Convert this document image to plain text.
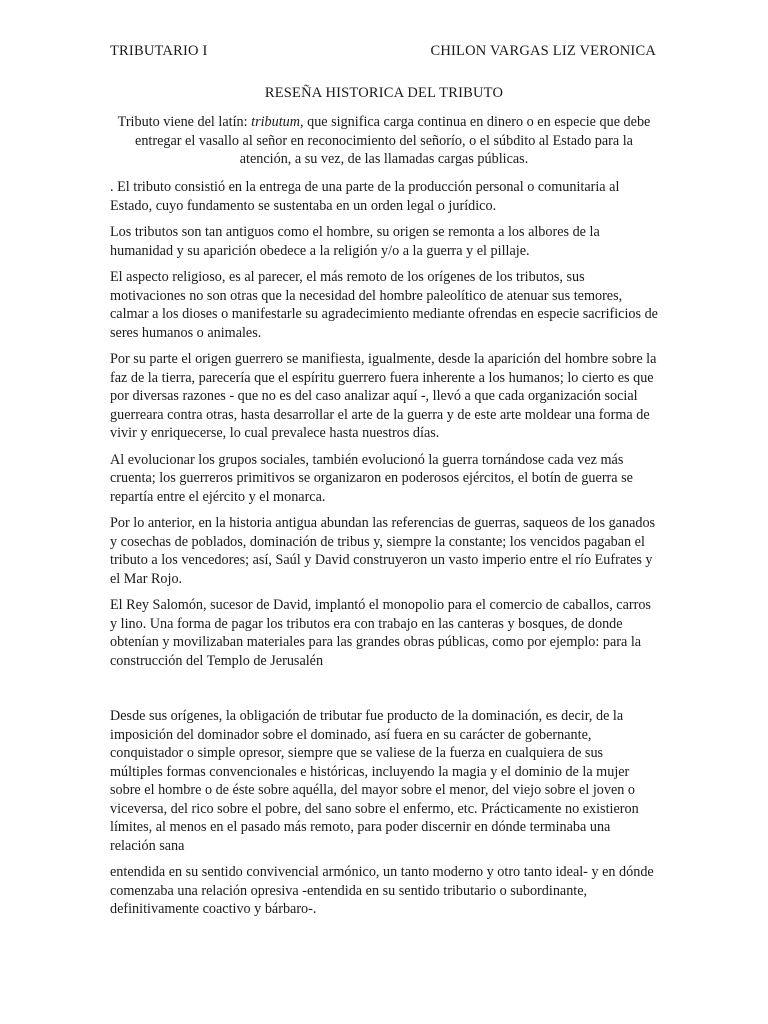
TRIBUTARIO I	CHILON VARGAS LIZ VERONICA
RESEÑA HISTORICA DEL TRIBUTO

Tributo viene del latín: tributum, que significa carga continua en dinero o en especie que debe entregar el vasallo al señor en reconocimiento del señorío, o el súbdito al Estado para la atención, a su vez, de las llamadas cargas públicas.

. El tributo consistió en la entrega de una parte de la producción personal o comunitaria al Estado, cuyo fundamento se sustentaba en un orden legal o jurídico.

Los tributos son tan antiguos como el hombre, su origen se remonta a los albores de la humanidad y su aparición obedece a la religión y/o a la guerra y el pillaje.

El aspecto religioso, es al parecer, el más remoto de los orígenes de los tributos, sus motivaciones no son otras que la necesidad del hombre paleolítico de atenuar sus temores, calmar a los dioses o manifestarle su agradecimiento mediante ofrendas en especie sacrificios de seres humanos o animales.

Por su parte el origen guerrero se manifiesta, igualmente, desde la aparición del hombre sobre la faz de la tierra, parecería que el espíritu guerrero fuera inherente a los humanos; lo cierto es que por diversas razones - que no es del caso analizar aquí -, llevó a que cada organización social guerreara contra otras, hasta desarrollar el arte de la guerra y de este arte moldear una forma de vivir y enriquecerse, lo cual prevalece hasta nuestros días.

Al evolucionar los grupos sociales, también evolucionó la guerra tornándose cada vez más cruenta; los guerreros primitivos se organizaron en poderosos ejércitos, el botín de guerra se repartía entre el ejército y el monarca.

Por lo anterior, en la historia antigua abundan las referencias de guerras, saqueos de los ganados y cosechas de poblados, dominación de tribus y, siempre la constante; los vencidos pagaban el tributo a los vencedores; así, Saúl y David construyeron un vasto imperio entre el río Eufrates y el Mar Rojo.

El Rey Salomón, sucesor de David, implantó el monopolio para el comercio de caballos, carros y lino. Una forma de pagar los tributos era con trabajo en las canteras y bosques, de donde obtenían y movilizaban materiales para las grandes obras públicas, como por ejemplo: para la construcción del Templo de Jerusalén

Desde sus orígenes, la obligación de tributar fue producto de la dominación, es decir, de la imposición del dominador sobre el dominado, así fuera en su carácter de gobernante, conquistador o simple opresor, siempre que se valiese de la fuerza en cualquiera de sus múltiples formas convencionales e históricas, incluyendo la magia y el dominio de la mujer sobre el hombre o de éste sobre aquélla, del mayor sobre el menor, del viejo sobre el joven o viceversa, del rico sobre el pobre, del sano sobre el enfermo, etc. Prácticamente no existieron límites, al menos en el pasado más remoto, para poder discernir en dónde terminaba una relación sana

entendida en su sentido convivencial armónico, un tanto moderno y otro tanto ideal- y en dónde comenzaba una relación opresiva -entendida en su sentido tributario o subordinante, definitivamente coactivo y bárbaro-.
